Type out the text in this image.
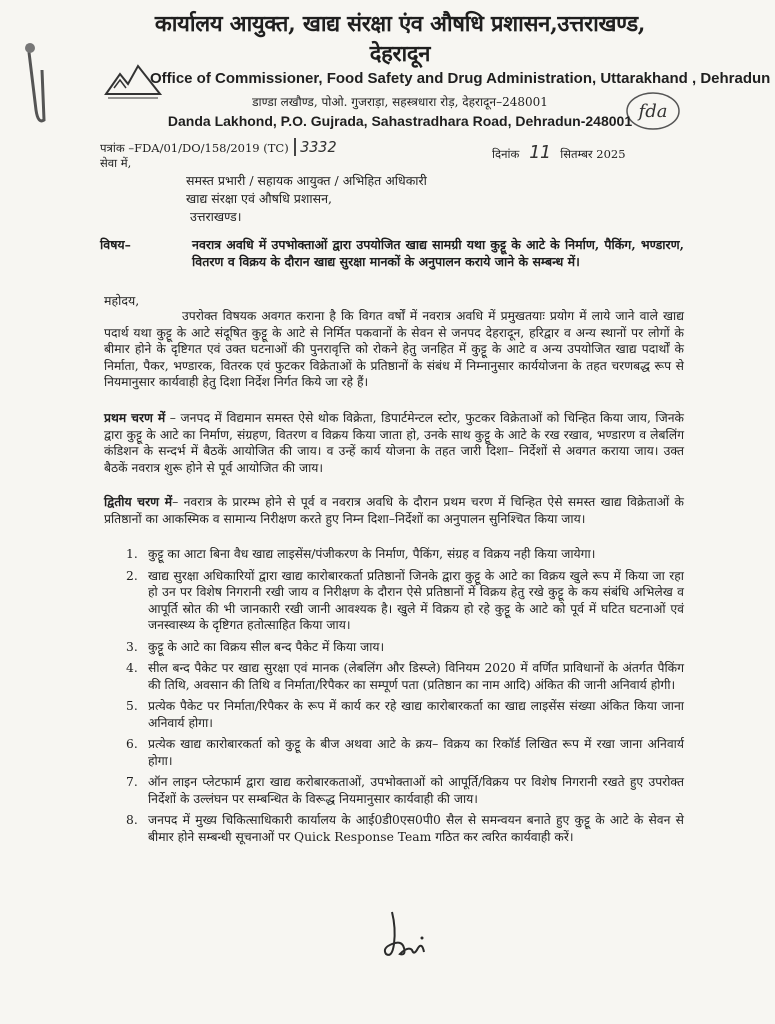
fda
कार्यालय आयुक्त, खाद्य संरक्षा एंव औषधि प्रशासन,उत्तराखण्ड, देहरादून
Office of Commissioner, Food Safety and Drug Administration, Uttarakhand , Dehradun
डाण्डा लखौण्ड, पोओ. गुजराड़ा, सहस्त्रधारा रोड़, देहरादून–248001
Danda Lakhond, P.O. Gujrada, Sahastradhara Road, Dehradun-248001
पत्रांक –FDA/01/DO/158/2019 (TC) 3332
सेवा में,
दिनांक 11 सितम्बर 2025
समस्त प्रभारी / सहायक आयुक्त / अभिहित अधिकारी
खाद्य संरक्षा एवं औषधि प्रशासन,
उत्तराखण्ड।
विषय–	नवरात्र अवधि में उपभोक्ताओं द्वारा उपयोजित खाद्य सामग्री यथा कुट्टू के आटे के निर्माण, पैकिंग, भण्डारण, वितरण व विक्रय के दौरान खाद्य सुरक्षा मानकों के अनुपालन कराये जाने के सम्बन्ध में।
महोदय,
उपरोक्त विषयक अवगत कराना है कि विगत वर्षों में नवरात्र अवधि में प्रमुखतयाः प्रयोग में लाये जाने वाले खाद्य पदार्थ यथा कुट्टू के आटे संदूषित कुट्टू के आटे से निर्मित पकवानों के सेवन से जनपद देहरादून, हरिद्वार व अन्य स्थानों पर लोगों के बीमार होने के दृष्टिगत एवं उक्त घटनाओं की पुनरावृत्ति को रोकने हेतु जनहित में कुट्टू के आटे व अन्य उपयोजित खाद्य पदार्थों के निर्माता, पैकर, भण्डारक, वितरक एवं फुटकर विक्रेताओं के प्रतिष्ठानों के संबंध में निम्नानुसार कार्ययोजना के तहत चरणबद्ध रूप से नियमानुसार कार्यवाही हेतु दिशा निर्देश निर्गत किये जा रहे हैं।
प्रथम चरण में – जनपद में विद्यमान समस्त ऐसे थोक विक्रेता, डिपार्टमेन्टल स्टोर, फुटकर विक्रेताओं को चिन्हित किया जाय, जिनके द्वारा कुट्टू के आटे का निर्माण, संग्रहण, वितरण व विक्रय किया जाता हो, उनके साथ कुट्टू के आटे के रख रखाव, भण्डारण व लेबलिंग कंडिशन के सन्दर्भ में बैठकें आयोजित की जाय। व उन्हें कार्य योजना के तहत जारी दिशा– निर्देशों से अवगत कराया जाय। उक्त बैठकें नवरात्र शुरू होने से पूर्व आयोजित की जाय।
द्वितीय चरण में– नवरात्र के प्रारम्भ होने से पूर्व व नवरात्र अवधि के दौरान प्रथम चरण में चिन्हित ऐसे समस्त खाद्य विक्रेताओं के प्रतिष्ठानों का आकस्मिक व सामान्य निरीक्षण करते हुए निम्न दिशा–निर्देशों का अनुपालन सुनिश्चित किया जाय।
1. कुट्टू का आटा बिना वैध खाद्य लाइसेंस/पंजीकरण के निर्माण, पैकिंग, संग्रह व विक्रय नही किया जायेगा।
2. खाद्य सुरक्षा अधिकारियों द्वारा खाद्य कारोबारकर्ता प्रतिष्ठानों जिनके द्वारा कुट्टू के आटे का विक्रय खुले रूप में किया जा रहा हो उन पर विशेष निगरानी रखी जाय व निरीक्षण के दौरान ऐसे प्रतिष्ठानों में विक्रय हेतु रखे कुट्टू के कय संबंधि अभिलेख व आपूर्ति स्रोत की भी जानकारी रखी जानी आवश्यक है। खुले में विक्रय हो रहे कुट्टू के आटे को पूर्व में घटित घटनाओं एवं जनस्वास्थ्य के दृष्टिगत हतोत्साहित किया जाय।
3. कुट्टू के आटे का विक्रय सील बन्द पैकेट में किया जाय।
4. सील बन्द पैकेट पर खाद्य सुरक्षा एवं मानक (लेबलिंग और डिस्प्ले) विनियम 2020 में वर्णित प्राविधानों के अंतर्गत पैकिंग की तिथि, अवसान की तिथि व निर्माता/रिपैकर का सम्पूर्ण पता (प्रतिष्ठान का नाम आदि) अंकित की जानी अनिवार्य होगी।
5. प्रत्येक पैकेट पर निर्माता/रिपैकर के रूप में कार्य कर रहे खाद्य कारोबारकर्ता का खाद्य लाइसेंस संख्या अंकित किया जाना अनिवार्य होगा।
6. प्रत्येक खाद्य कारोबारकर्ता को कुट्टू के बीज अथवा आटे के क्रय– विक्रय का रिकॉर्ड लिखित रूप में रखा जाना अनिवार्य होगा।
7. ऑन लाइन प्लेटफार्म द्वारा खाद्य करोबारकताओं, उपभोक्ताओं को आपूर्ति/विक्रय पर विशेष निगरानी रखते हुए उपरोक्त निर्देशों के उल्लंघन पर सम्बन्धित के विरूद्ध नियमानुसार कार्यवाही की जाय।
8. जनपद में मुख्य चिकित्साधिकारी कार्यालय के आई0डी0एस0पी0 सैल से समन्वयन बनाते हुए कुट्टू के आटे के सेवन से बीमार होने सम्बन्धी सूचनाओं पर Quick Response Team गठित कर त्वरित कार्यवाही करें।
